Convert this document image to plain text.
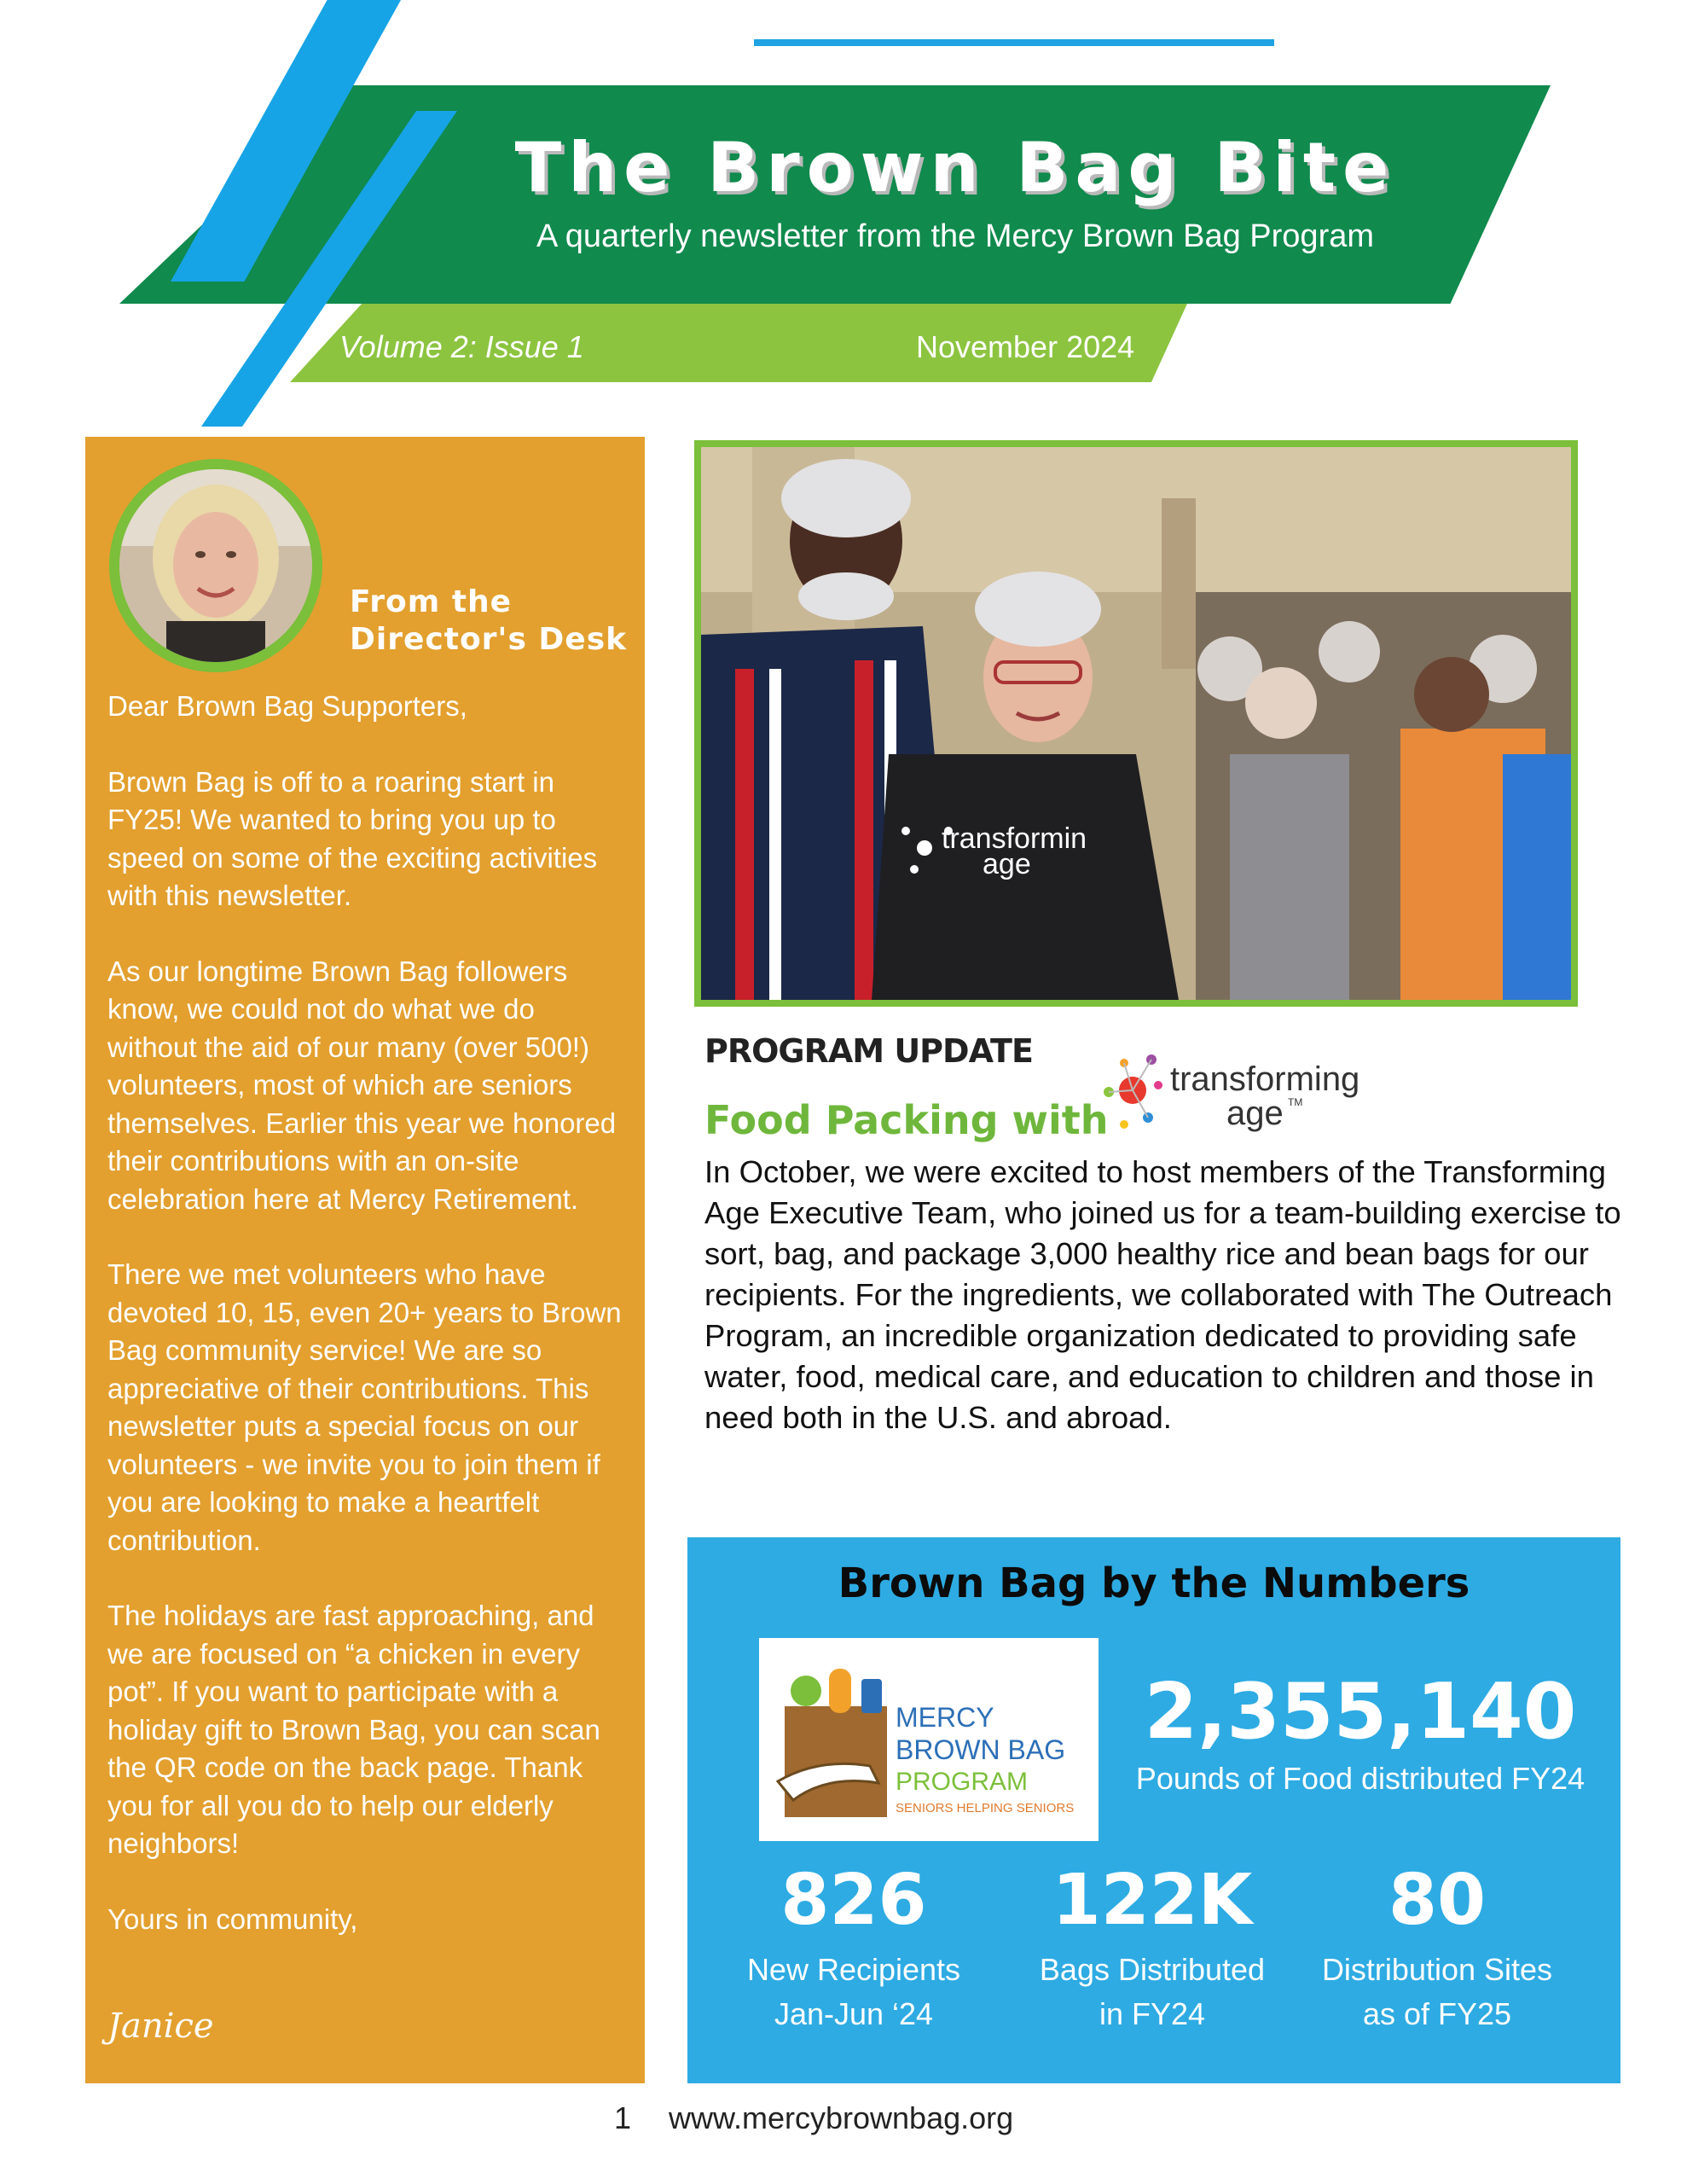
The Brown Bag Bite
A quarterly newsletter from the Mercy Brown Bag Program
Volume 2: Issue 1	November 2024
From the
Director's Desk

Dear Brown Bag Supporters,

Brown Bag is off to a roaring start in FY25! We wanted to bring you up to speed on some of the exciting activities with this newsletter.

As our longtime Brown Bag followers know, we could not do what we do without the aid of our many (over 500!) volunteers, most of which are seniors themselves. Earlier this year we honored their contributions with an on-site celebration here at Mercy Retirement.

There we met volunteers who have devoted 10, 15, even 20+ years to Brown Bag community service! We are so appreciative of their contributions. This newsletter puts a special focus on our volunteers - we invite you to join them if you are looking to make a heartfelt contribution.

The holidays are fast approaching, and we are focused on “a chicken in every pot”. If you want to participate with a holiday gift to Brown Bag, you can scan the QR code on the back page. Thank you for all you do to help our elderly neighbors!

Yours in community,

Janice
transformin
age
PROGRAM UPDATE
Food Packing with
transforming
age TM
In October, we were excited to host members of the Transforming Age Executive Team, who joined us for a team-building exercise to sort, bag, and package 3,000 healthy rice and bean bags for our recipients. For the ingredients, we collaborated with The Outreach Program, an incredible organization dedicated to providing safe water, food, medical care, and education to children and those in need both in the U.S. and abroad.
Brown Bag by the Numbers
MERCY
BROWN BAG
PROGRAM
SENIORS HELPING SENIORS
2,355,140
Pounds of Food distributed FY24
826
New Recipients
Jan-Jun ‘24
122K
Bags Distributed
in FY24
80
Distribution Sites
as of FY25
1 www.mercybrownbag.org
